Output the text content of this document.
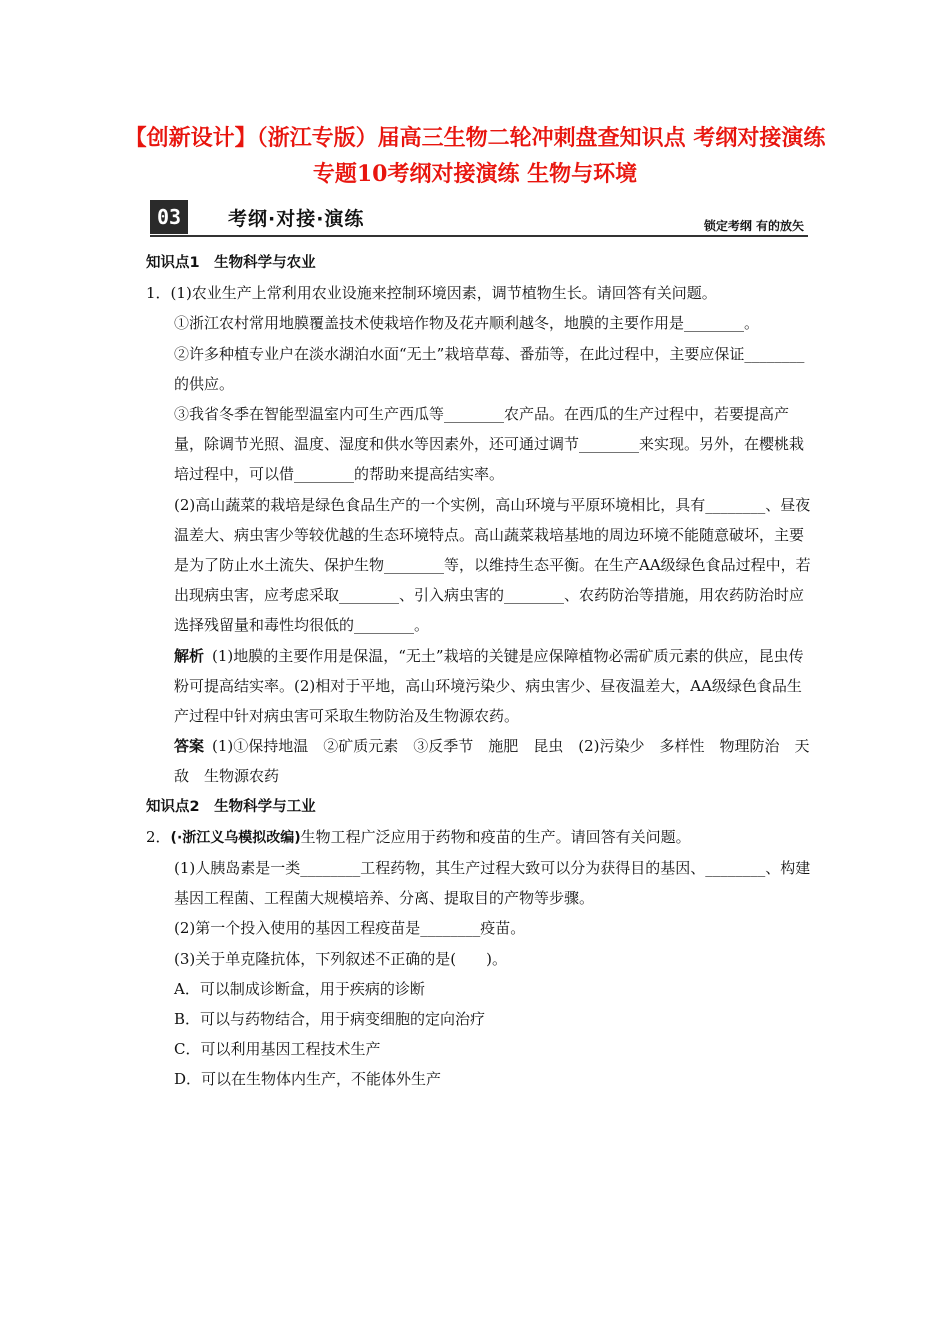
【创新设计】（浙江专版）届高三生物二轮冲刺盘查知识点 考纲对接演练 专题10考纲对接演练 生物与环境
03	考纲·对接·演练	锁定考纲 有的放矢

知识点1　生物科学与农业

1．(1)农业生产上常利用农业设施来控制环境因素，调节植物生长。请回答有关问题。

①浙江农村常用地膜覆盖技术使栽培作物及花卉顺利越冬，地膜的主要作用是________。

②许多种植专业户在淡水湖泊水面“无土”栽培草莓、番茄等，在此过程中，主要应保证________的供应。

③我省冬季在智能型温室内可生产西瓜等________农产品。在西瓜的生产过程中，若要提高产量，除调节光照、温度、湿度和供水等因素外，还可通过调节________来实现。另外，在樱桃栽培过程中，可以借________的帮助来提高结实率。

(2)高山蔬菜的栽培是绿色食品生产的一个实例，高山环境与平原环境相比，具有________、昼夜温差大、病虫害少等较优越的生态环境特点。高山蔬菜栽培基地的周边环境不能随意破坏，主要是为了防止水土流失、保护生物________等，以维持生态平衡。在生产AA级绿色食品过程中，若出现病虫害，应考虑采取________、引入病虫害的________、农药防治等措施，用农药防治时应选择残留量和毒性均很低的________。

解析 (1)地膜的主要作用是保温，“无土”栽培的关键是应保障植物必需矿质元素的供应，昆虫传粉可提高结实率。(2)相对于平地，高山环境污染少、病虫害少、昼夜温差大，AA级绿色食品生产过程中针对病虫害可采取生物防治及生物源农药。

答案 (1)①保持地温　②矿质元素　③反季节　施肥　昆虫　(2)污染少　多样性　物理防治　天敌　生物源农药

知识点2　生物科学与工业

2．(·浙江义乌模拟改编)生物工程广泛应用于药物和疫苗的生产。请回答有关问题。

(1)人胰岛素是一类________工程药物，其生产过程大致可以分为获得目的基因、________、构建基因工程菌、工程菌大规模培养、分离、提取目的产物等步骤。

(2)第一个投入使用的基因工程疫苗是________疫苗。

(3)关于单克隆抗体，下列叙述不正确的是(　　)。

A．可以制成诊断盒，用于疾病的诊断

B．可以与药物结合，用于病变细胞的定向治疗

C．可以利用基因工程技术生产

D．可以在生物体内生产，不能体外生产
